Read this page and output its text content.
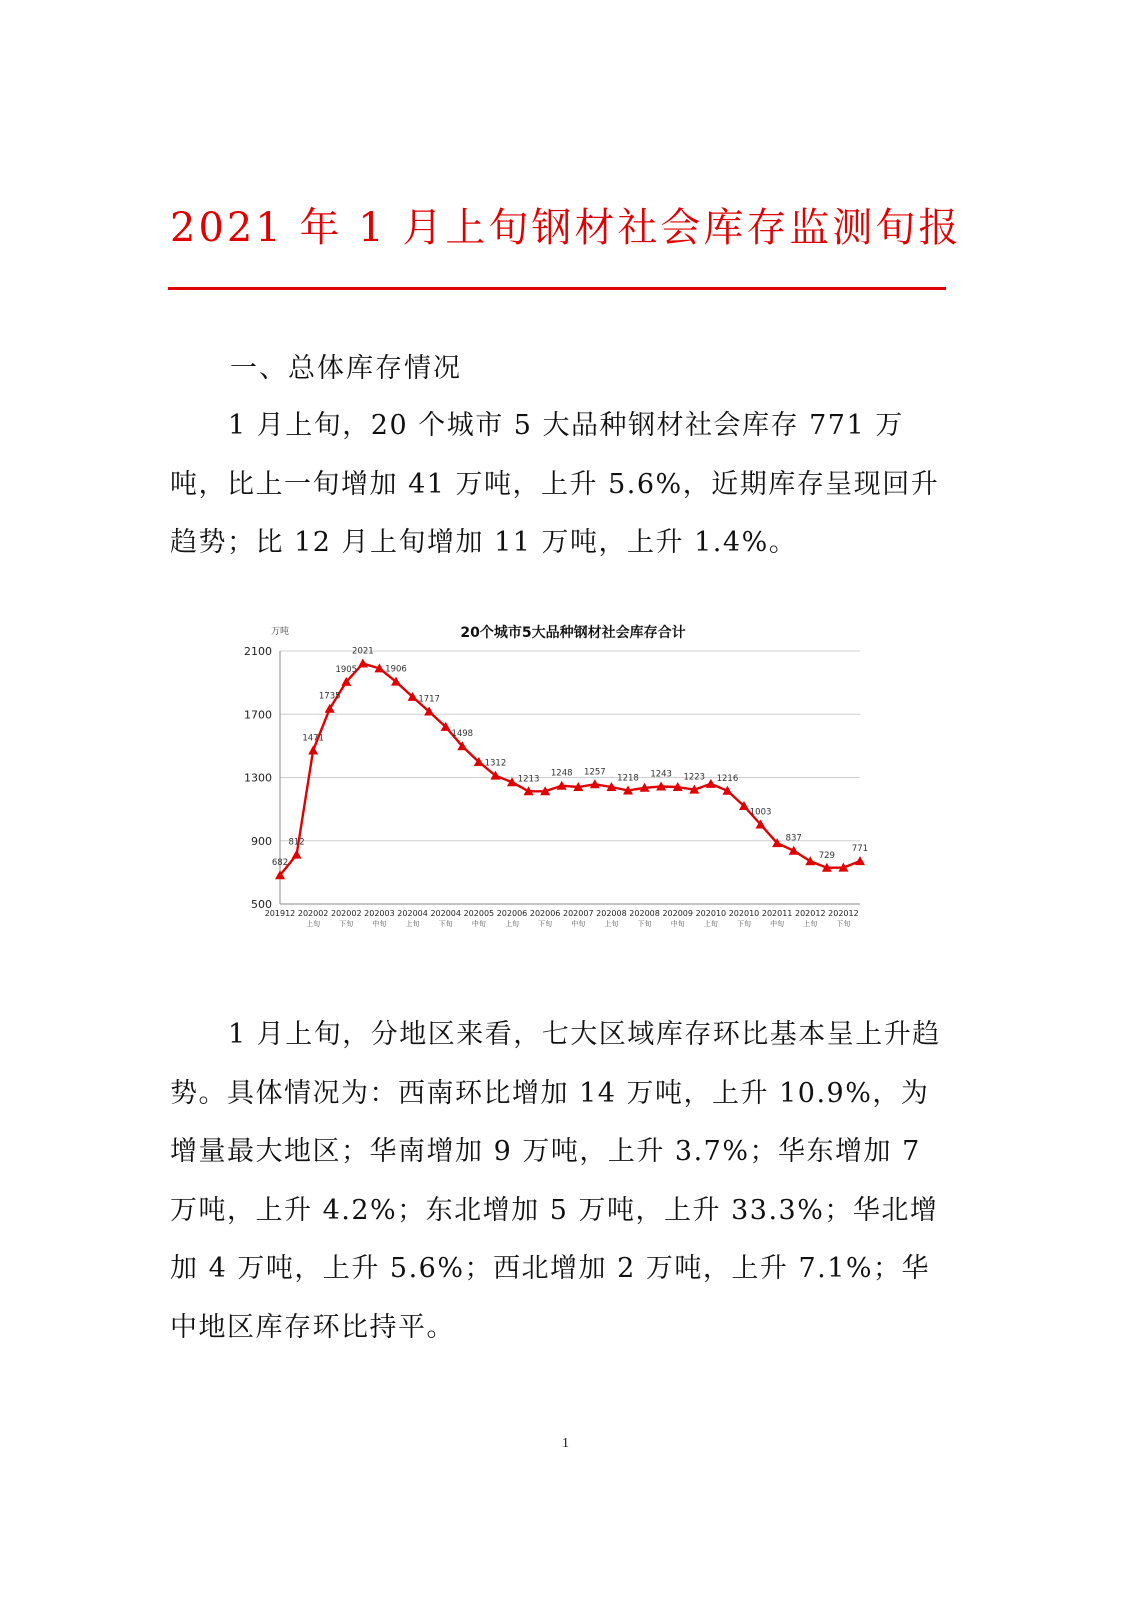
2021 年 1 月上旬钢材社会库存监测旬报
一、总体库存情况

1 月上旬，20 个城市 5 大品种钢材社会库存 771 万吨，比上一旬增加 41 万吨，上升 5.6%，近期库存呈现回升趋势；比 12 月上旬增加 11 万吨，上升 1.4%。

20个城市5大品种钢材社会库存合计
万吨
500
900
1300
1700
2100
201912 202002
上旬
202002
下旬
202003
中旬
202004
上旬
202004
下旬
202005
中旬
202006
上旬
202006
下旬
202007
中旬
202008
上旬
202008
下旬
202009
中旬
202010
上旬
202010
下旬
202011
中旬
202012
上旬
202012
下旬
682
812
1471
1735
2021
1905	1906
1717
1498
1312
1213
1248 1257
1218 1243 1223 1216
1003
837
729
771

1 月上旬，分地区来看，七大区域库存环比基本呈上升趋势。具体情况为：西南环比增加 14 万吨，上升 10.9%，为增量最大地区；华南增加 9 万吨，上升 3.7%；华东增加 7 万吨，上升 4.2%；东北增加 5 万吨，上升 33.3%；华北增加 4 万吨，上升 5.6%；西北增加 2 万吨，上升 7.1%；华中地区库存环比持平。

1
